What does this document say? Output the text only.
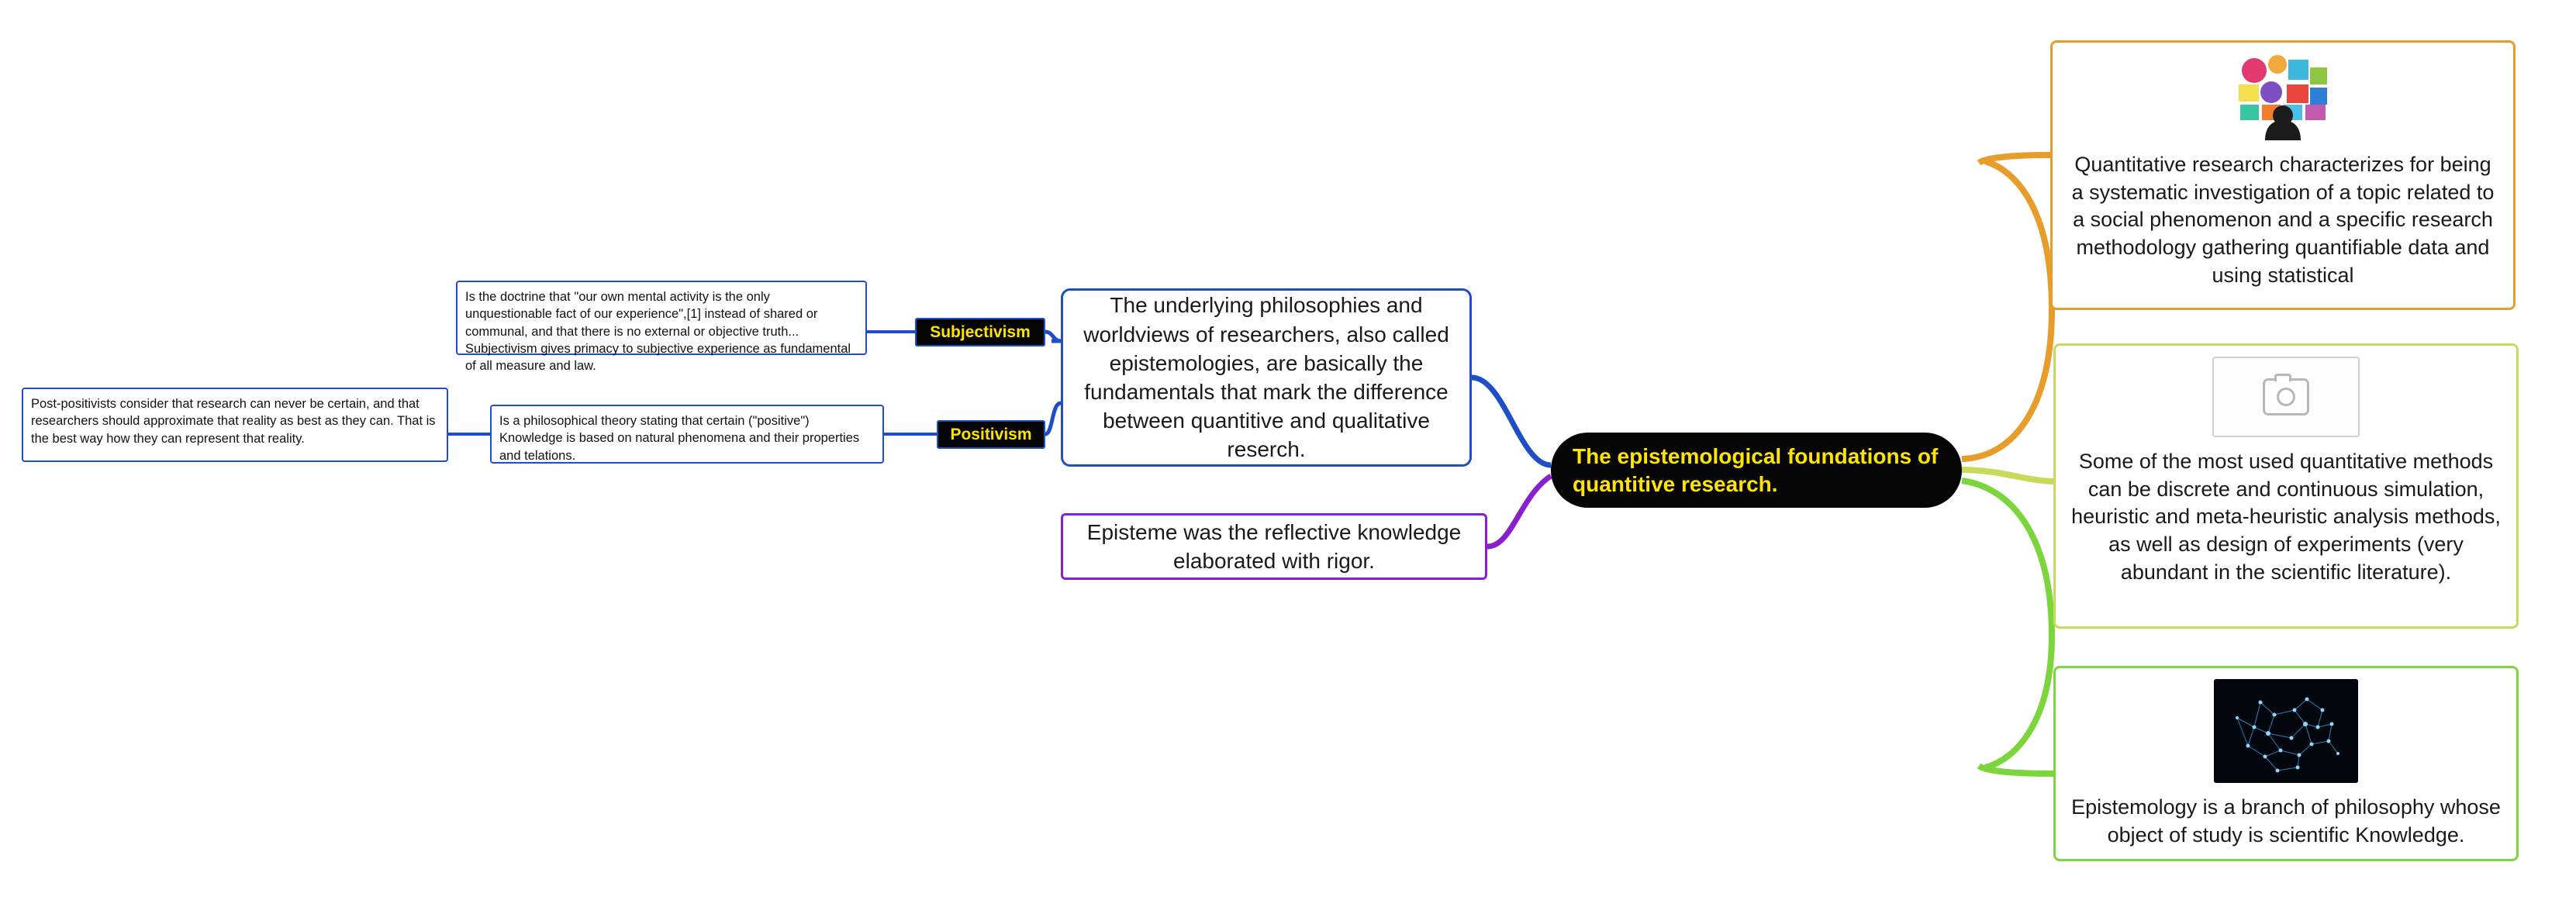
The epistemological foundations of quantitive research.
The underlying philosophies and worldviews of researchers, also called epistemologies, are basically the fundamentals that mark the difference between quantitive and qualitative reserch.
Episteme was the reflective knowledge elaborated with rigor.
Subjectivism
Positivism
Is the doctrine that "our own mental activity is the only unquestionable fact of our experience",[1] instead of shared or communal, and that there is no external or objective truth... Subjectivism gives primacy to subjective experience as fundamental of all measure and law.
Is a philosophical theory stating that certain ("positive") Knowledge is based on natural phenomena and their properties and telations.
Post-positivists consider that research can never be certain, and that researchers should approximate that reality as best as they can. That is the best way how they can represent that reality.
Quantitative research characterizes for being a systematic investigation of a topic related to a social phenomenon and a specific research methodology gathering quantifiable data and using statistical
Some of the most used quantitative methods can be discrete and continuous simulation, heuristic and meta-heuristic analysis methods, as well as design of experiments (very abundant in the scientific literature).
Epistemology is a branch of philosophy whose object of study is scientific Knowledge.
